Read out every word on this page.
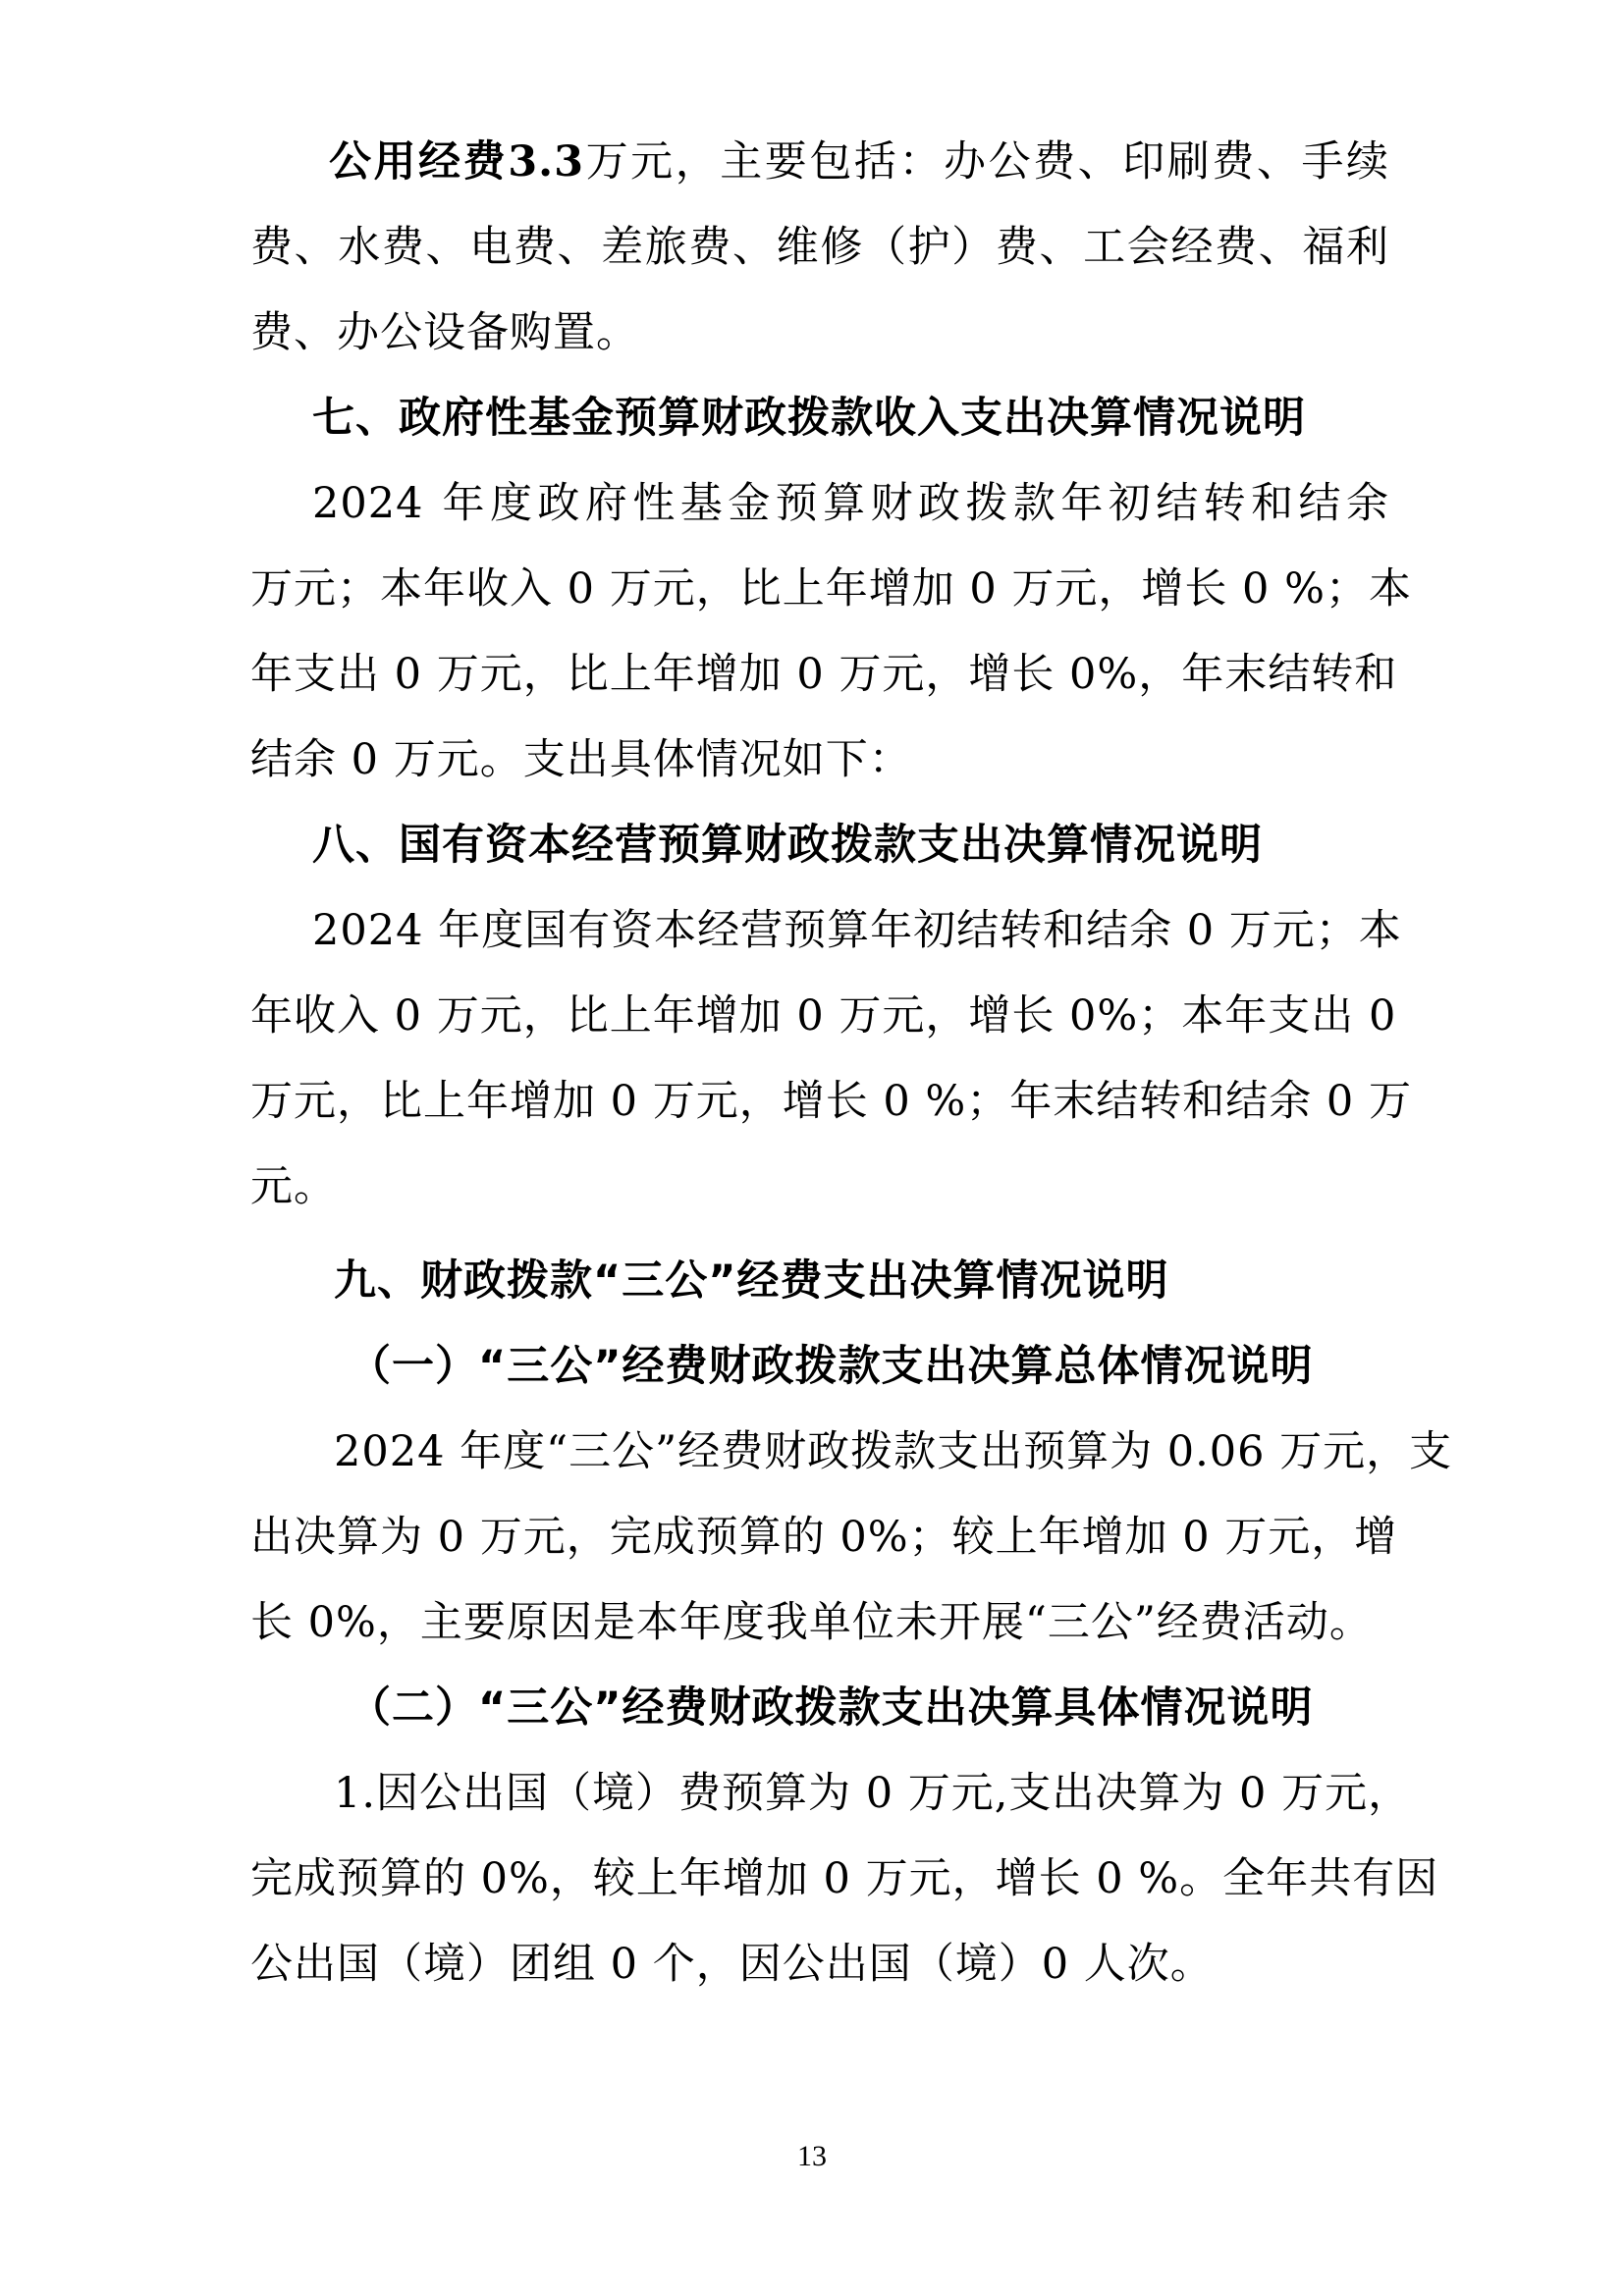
公用经费3.3万元，主要包括：办公费、印刷费、手续
费、水费、电费、差旅费、维修（护）费、工会经费、福利
费、办公设备购置。
七、政府性基金预算财政拨款收入支出决算情况说明
2024 年度政府性基金预算财政拨款年初结转和结余
万元；本年收入 0 万元，比上年增加 0 万元，增长 0 %；本
年支出 0 万元，比上年增加 0 万元，增长 0%，年末结转和
结余 0 万元。支出具体情况如下：
八、国有资本经营预算财政拨款支出决算情况说明
2024 年度国有资本经营预算年初结转和结余 0 万元；本
年收入 0 万元，比上年增加 0 万元，增长 0%；本年支出 0
万元，比上年增加 0 万元，增长 0 %；年末结转和结余 0 万
元。
九、财政拨款“三公”经费支出决算情况说明
（一）“三公”经费财政拨款支出决算总体情况说明
2024 年度“三公”经费财政拨款支出预算为 0.06 万元，支
出决算为 0 万元，完成预算的 0%；较上年增加 0 万元，增
长 0%，主要原因是本年度我单位未开展“三公”经费活动。
（二）“三公”经费财政拨款支出决算具体情况说明
1.因公出国（境）费预算为 0 万元,支出决算为 0 万元，
完成预算的 0%，较上年增加 0 万元，增长 0 %。全年共有因
公出国（境）团组 0 个，因公出国（境）0 人次。
13
